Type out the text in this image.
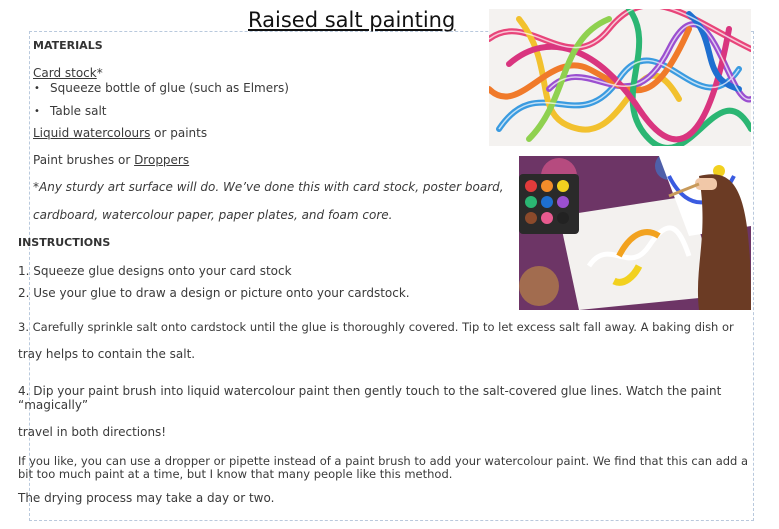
Raised salt painting
MATERIALS
Card stock*
• Squeeze bottle of glue (such as Elmers)
• Table salt
Liquid watercolours or paints
Paint brushes or Droppers
*Any sturdy art surface will do. We’ve done this with card stock, poster board,
cardboard, watercolour paper, paper plates, and foam core.
INSTRUCTIONS
1. Squeeze glue designs onto your card stock
2. Use your glue to draw a design or picture onto your cardstock.
3. Carefully sprinkle salt onto cardstock until the glue is thoroughly covered. Tip to let excess salt fall away. A baking dish or
tray helps to contain the salt.
4. Dip your paint brush into liquid watercolour paint then gently touch to the salt-covered glue lines. Watch the paint
“magically”
travel in both directions!
If you like, you can use a dropper or pipette instead of a paint brush to add your watercolour paint. We find that this can add a
bit too much paint at a time, but I know that many people like this method.
The drying process may take a day or two.
